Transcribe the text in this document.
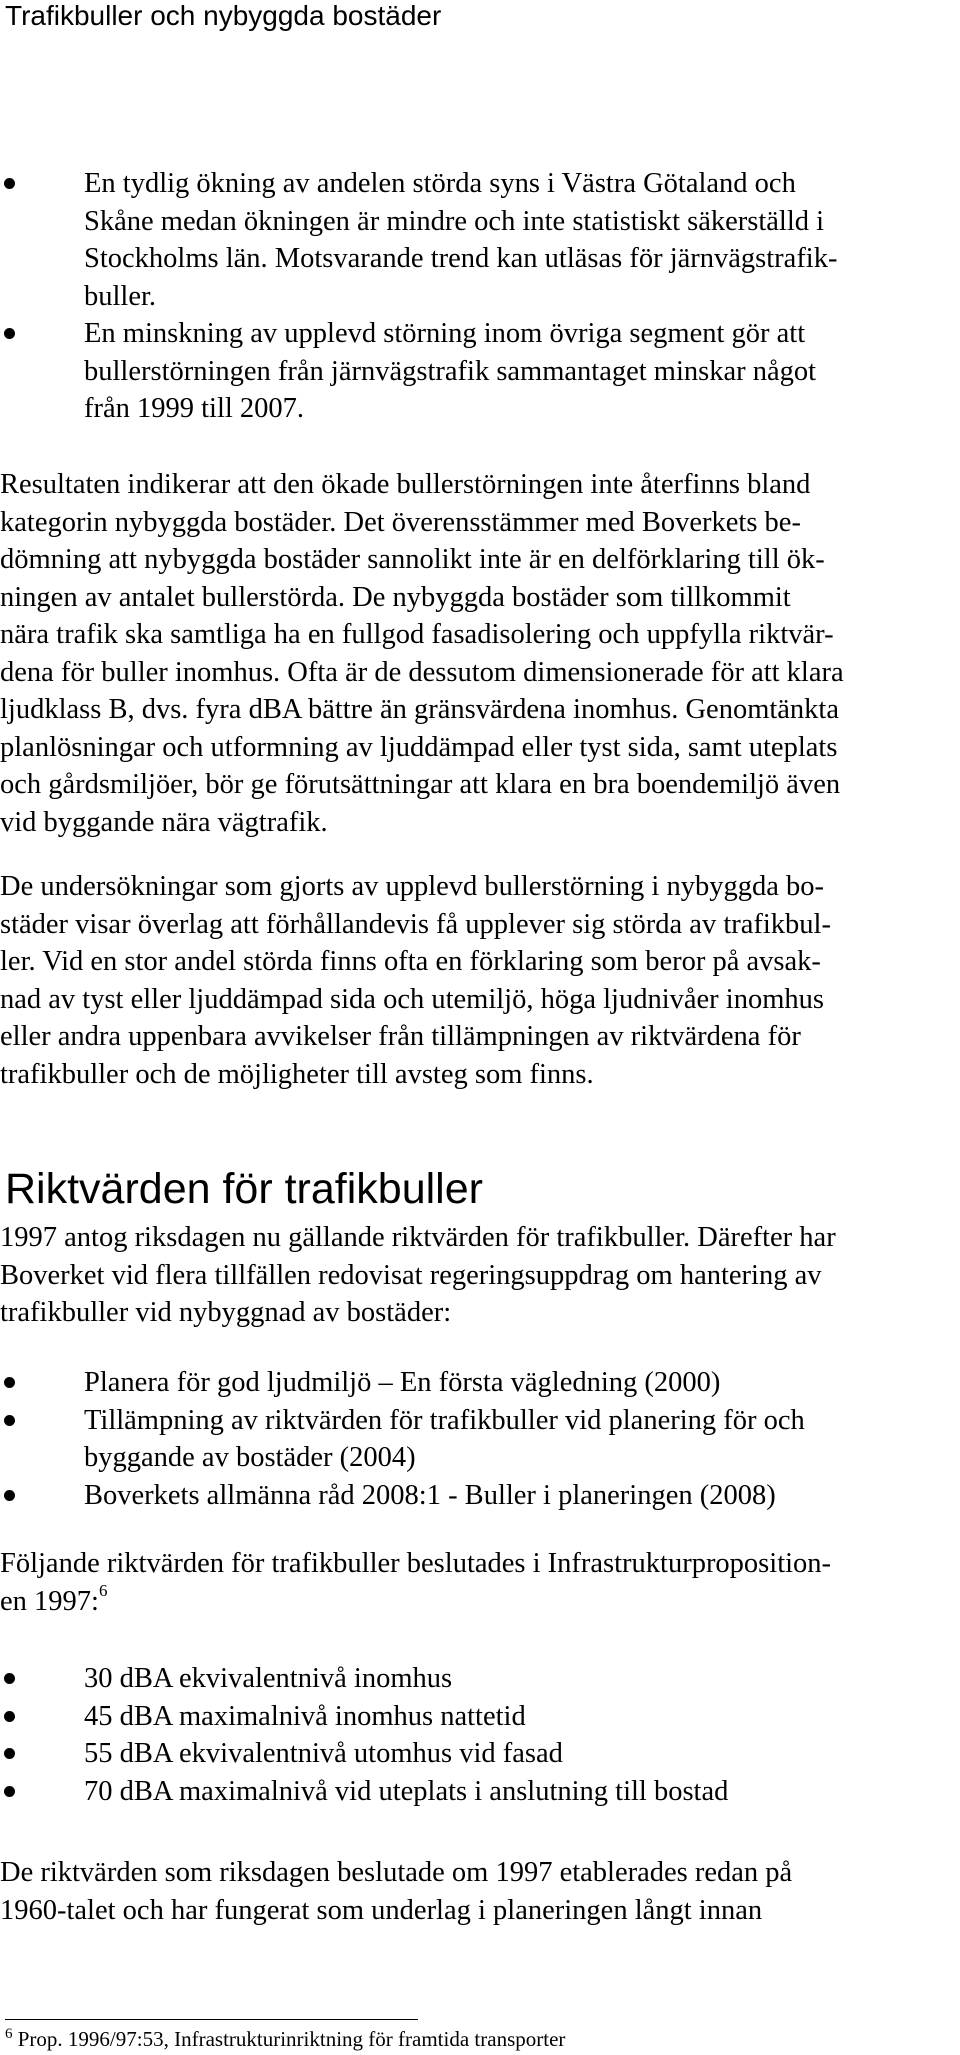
Trafikbuller och nybyggda bostäder
En tydlig ökning av andelen störda syns i Västra Götaland och
Skåne medan ökningen är mindre och inte statistiskt säkerställd i
Stockholms län. Motsvarande trend kan utläsas för järnvägstrafik-
buller.
En minskning av upplevd störning inom övriga segment gör att
bullerstörningen från järnvägstrafik sammantaget minskar något
från 1999 till 2007.
Resultaten indikerar att den ökade bullerstörningen inte återfinns bland
kategorin nybyggda bostäder. Det överensstämmer med Boverkets be-
dömning att nybyggda bostäder sannolikt inte är en delförklaring till ök-
ningen av antalet bullerstörda. De nybyggda bostäder som tillkommit
nära trafik ska samtliga ha en fullgod fasadisolering och uppfylla riktvär-
dena för buller inomhus. Ofta är de dessutom dimensionerade för att klara
ljudklass B, dvs. fyra dBA bättre än gränsvärdena inomhus. Genomtänkta
planlösningar och utformning av ljuddämpad eller tyst sida, samt uteplats
och gårdsmiljöer, bör ge förutsättningar att klara en bra boendemiljö även
vid byggande nära vägtrafik.
De undersökningar som gjorts av upplevd bullerstörning i nybyggda bo-
städer visar överlag att förhållandevis få upplever sig störda av trafikbul-
ler. Vid en stor andel störda finns ofta en förklaring som beror på avsak-
nad av tyst eller ljuddämpad sida och utemiljö, höga ljudnivåer inomhus
eller andra uppenbara avvikelser från tillämpningen av riktvärdena för
trafikbuller och de möjligheter till avsteg som finns.
Riktvärden för trafikbuller
1997 antog riksdagen nu gällande riktvärden för trafikbuller. Därefter har
Boverket vid flera tillfällen redovisat regeringsuppdrag om hantering av
trafikbuller vid nybyggnad av bostäder:
Planera för god ljudmiljö – En första vägledning (2000)
Tillämpning av riktvärden för trafikbuller vid planering för och
byggande av bostäder (2004)
Boverkets allmänna råd 2008:1 - Buller i planeringen (2008)
Följande riktvärden för trafikbuller beslutades i Infrastrukturproposition-
en 1997:$^6$
30 dBA ekvivalentnivå inomhus
45 dBA maximalnivå inomhus nattetid
55 dBA ekvivalentnivå utomhus vid fasad
70 dBA maximalnivå vid uteplats i anslutning till bostad
De riktvärden som riksdagen beslutade om 1997 etablerades redan på
1960-talet och har fungerat som underlag i planeringen långt innan
$^6$ Prop. 1996/97:53, Infrastrukturinriktning för framtida transporter
